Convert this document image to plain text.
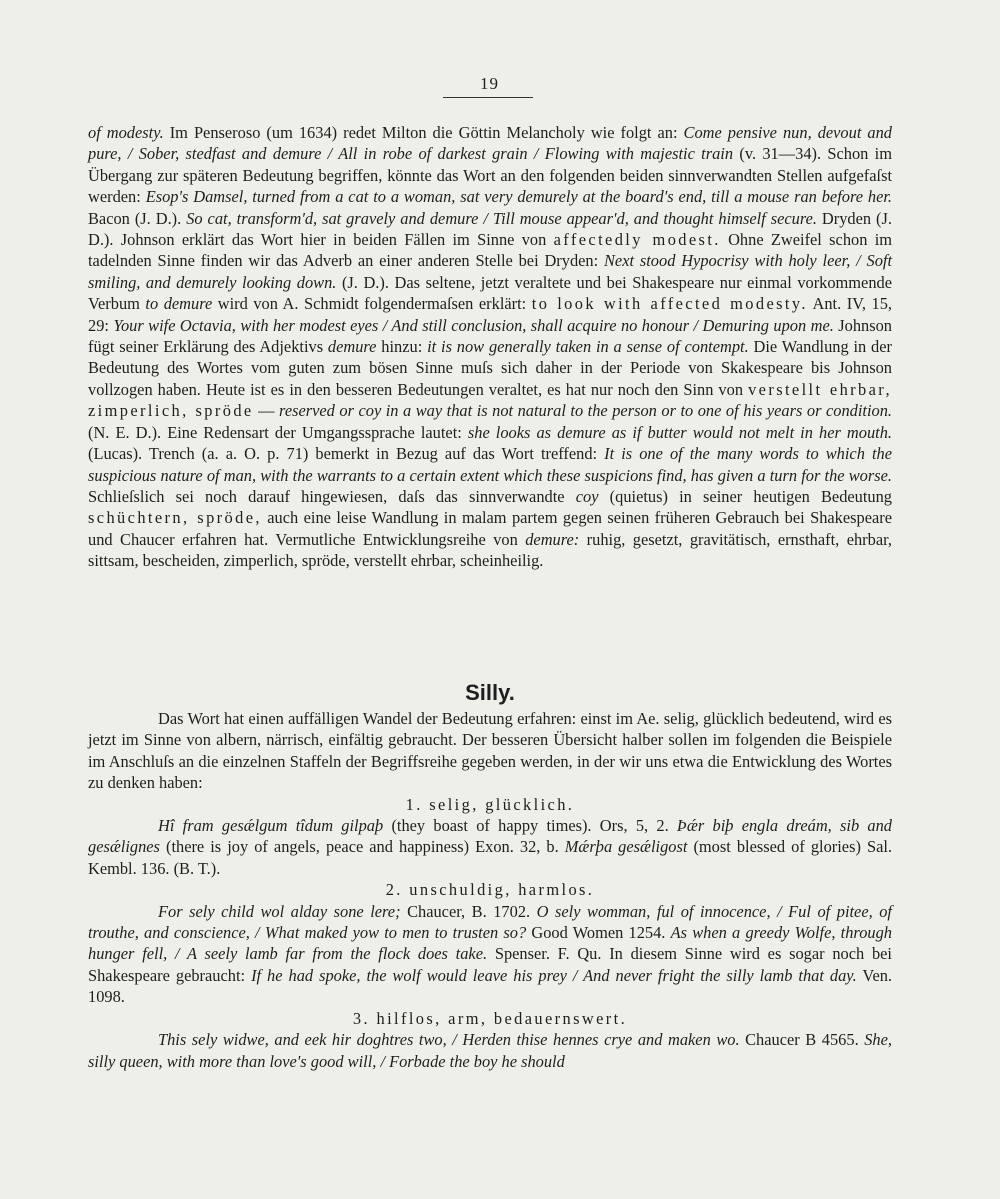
19

of modesty. Im Penseroso (um 1634) redet Milton die Göttin Melancholy wie folgt an: Come pensive nun, devout and pure, / Sober, stedfast and demure / All in robe of darkest grain / Flowing with majestic train (v. 31—34). Schon im Übergang zur späteren Bedeutung begriffen, könnte das Wort an den folgenden beiden sinnverwandten Stellen aufgefaſst werden: Esop's Damsel, turned from a cat to a woman, sat very demurely at the board's end, till a mouse ran before her. Bacon (J. D.). So cat, transform'd, sat gravely and demure / Till mouse appear'd, and thought himself secure. Dryden (J. D.). Johnson erklärt das Wort hier in beiden Fällen im Sinne von affectedly modest. Ohne Zweifel schon im tadelnden Sinne finden wir das Adverb an einer anderen Stelle bei Dryden: Next stood Hypocrisy with holy leer, / Soft smiling, and demurely looking down. (J. D.). Das seltene, jetzt veraltete und bei Shakespeare nur einmal vorkommende Verbum to demure wird von A. Schmidt folgendermaſsen erklärt: to look with affected modesty. Ant. IV, 15, 29: Your wife Octavia, with her modest eyes / And still conclusion, shall acquire no honour / Demuring upon me. Johnson fügt seiner Erklärung des Adjektivs demure hinzu: it is now generally taken in a sense of contempt. Die Wandlung in der Bedeutung des Wortes vom guten zum bösen Sinne muſs sich daher in der Periode von Skakespeare bis Johnson vollzogen haben. Heute ist es in den besseren Bedeutungen veraltet, es hat nur noch den Sinn von verstellt ehrbar, zimperlich, spröde — reserved or coy in a way that is not natural to the person or to one of his years or condition. (N. E. D.). Eine Redensart der Umgangssprache lautet: she looks as demure as if butter would not melt in her mouth. (Lucas). Trench (a. a. O. p. 71) bemerkt in Bezug auf das Wort treffend: It is one of the many words to which the suspicious nature of man, with the warrants to a certain extent which these suspicions find, has given a turn for the worse. Schlieſslich sei noch darauf hingewiesen, daſs das sinnverwandte coy (quietus) in seiner heutigen Bedeutung schüchtern, spröde, auch eine leise Wandlung in malam partem gegen seinen früheren Gebrauch bei Shakespeare und Chaucer erfahren hat. Vermutliche Entwicklungsreihe von demure: ruhig, gesetzt, gravitätisch, ernsthaft, ehrbar, sittsam, bescheiden, zimperlich, spröde, verstellt ehrbar, scheinheilig.

Silly.

Das Wort hat einen auffälligen Wandel der Bedeutung erfahren: einst im Ae. selig, glücklich bedeutend, wird es jetzt im Sinne von albern, närrisch, einfältig gebraucht. Der besseren Übersicht halber sollen im folgenden die Beispiele im Anschluſs an die einzelnen Staffeln der Begriffsreihe gegeben werden, in der wir uns etwa die Entwicklung des Wortes zu denken haben:

1. selig, glücklich.

Hî fram gesǽlgum tîdum gilpaþ (they boast of happy times). Ors, 5, 2. Þǽr biþ engla dreám, sib and gesǽlignes (there is joy of angels, peace and happiness) Exon. 32, b. Mǽrþa gesǽligost (most blessed of glories) Sal. Kembl. 136. (B. T.).

2. unschuldig, harmlos.

For sely child wol alday sone lere; Chaucer, B. 1702. O sely womman, ful of innocence, / Ful of pitee, of trouthe, and conscience, / What maked yow to men to trusten so? Good Women 1254. As when a greedy Wolfe, through hunger fell, / A seely lamb far from the flock does take. Spenser. F. Qu. In diesem Sinne wird es sogar noch bei Shakespeare gebraucht: If he had spoke, the wolf would leave his prey / And never fright the silly lamb that day. Ven. 1098.

3. hilflos, arm, bedauernswert.

This sely widwe, and eek hir doghtres two, / Herden thise hennes crye and maken wo. Chaucer B 4565. She, silly queen, with more than love's good will, / Forbade the boy he should
